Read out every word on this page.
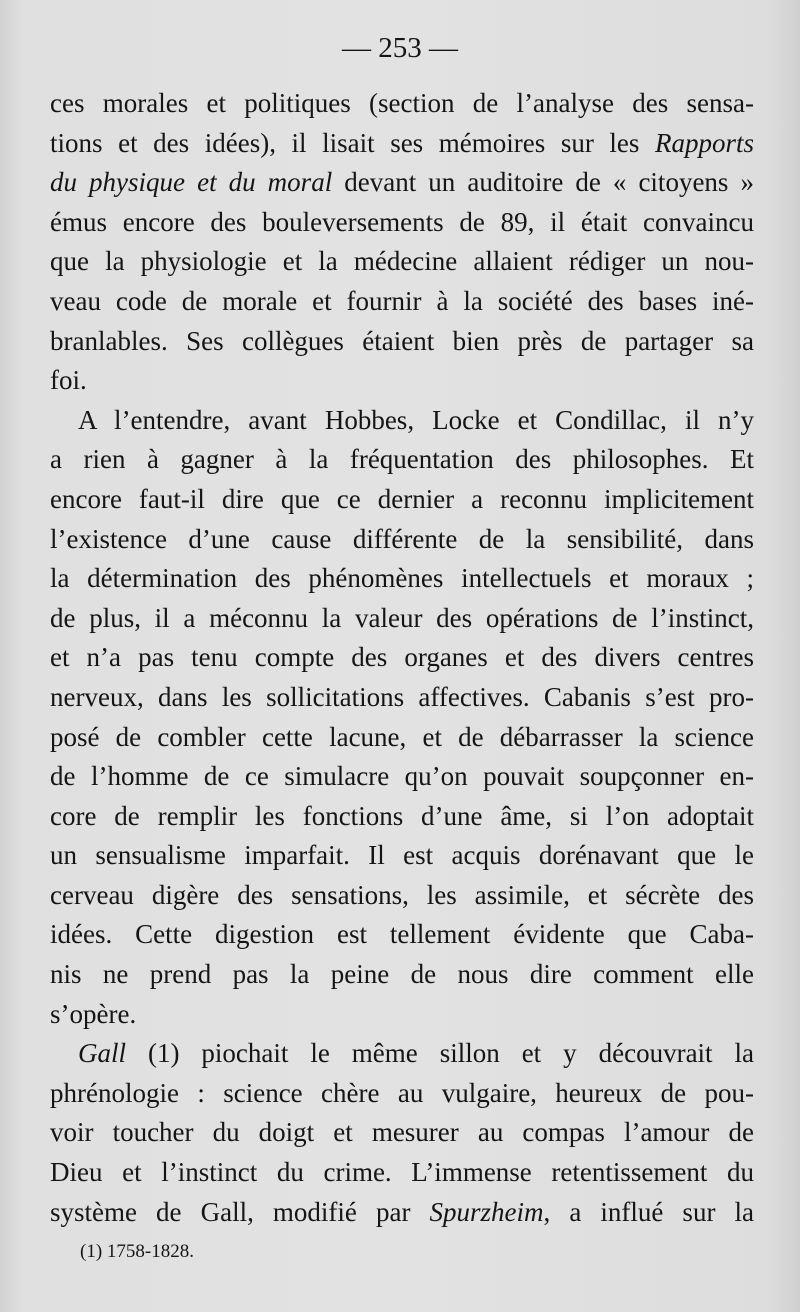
— 253 —
ces morales et politiques (section de l’analyse des sensa-
tions et des idées), il lisait ses mémoires sur les Rapports
du physique et du moral devant un auditoire de « citoyens »
émus encore des bouleversements de 89, il était convaincu
que la physiologie et la médecine allaient rédiger un nou-
veau code de morale et fournir à la société des bases iné-
branlables. Ses collègues étaient bien près de partager sa
foi.
A l’entendre, avant Hobbes, Locke et Condillac, il n’y
a rien à gagner à la fréquentation des philosophes. Et
encore faut-il dire que ce dernier a reconnu implicitement
l’existence d’une cause différente de la sensibilité, dans
la détermination des phénomènes intellectuels et moraux ;
de plus, il a méconnu la valeur des opérations de l’instinct,
et n’a pas tenu compte des organes et des divers centres
nerveux, dans les sollicitations affectives. Cabanis s’est pro-
posé de combler cette lacune, et de débarrasser la science
de l’homme de ce simulacre qu’on pouvait soupçonner en-
core de remplir les fonctions d’une âme, si l’on adoptait
un sensualisme imparfait. Il est acquis dorénavant que le
cerveau digère des sensations, les assimile, et sécrète des
idées. Cette digestion est tellement évidente que Caba-
nis ne prend pas la peine de nous dire comment elle
s’opère.
Gall (1) piochait le même sillon et y découvrait la
phrénologie : science chère au vulgaire, heureux de pou-
voir toucher du doigt et mesurer au compas l’amour de
Dieu et l’instinct du crime. L’immense retentissement du
système de Gall, modifié par Spurzheim, a influé sur la
(1) 1758-1828.
